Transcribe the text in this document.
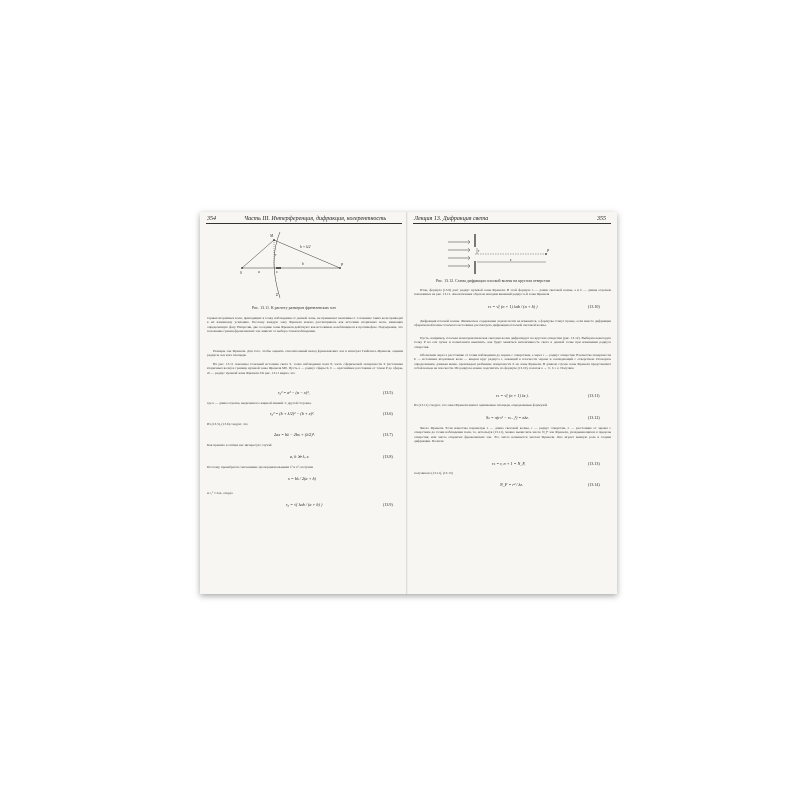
354	Часть III. Интерференция, дифракция, когерентность
M
b + λ/2
b	P
S	a	x
r
Σ
Рис. 13.11. К расчету размеров френелевских зон

тарных вторичных волн, приходящих в точку наблюдения от данной зоны, не превышает величины π. Сложение таких волн приводит к их взаимному усилению. Поэтому каждую зону Френеля можно рассматривать как источник вторичных волн, имеющих определенную фазу. Напротив, две соседние зоны Френеля действуют как источники, колеблющиеся в противофазе. Подчеркнем, что положение границ френелевских зон зависит от выбора точки наблюдения.

Размеры зон Френеля. Для того, чтобы оценить относительный вклад френелевских зон в интеграл Гюйгенса–Френеля, оценим радиусы зон и их площади.

На рис. 13.11 показаны точечный источник света S, точка наблюдения поля P, часть сферической поверхности Σ (источника вторичных волн) и граница нулевой зоны Френеля M0. Пусть a — радиус сферы Σ, b — кратчайшее расстояние от точки P до сферы, r0 — радиус нулевой зоны Френеля. Из рис. 13.11 видно, что

r₀² = a² − (a − x)²,	(13.5)

где x — длина отрезка, выделенного жирной линией. С другой стороны,

r₀² = (b + λ/2)² − (b + x)².	(13.6)

Из (13.5), (13.6) следует, что

2ax = bλ − 2bx + (λ/2)².	(13.7)

Как правило в оптике нас интересует случай

a, b ≫ λ, x.	(13.8)

Поэтому, пренебрегая слагаемыми, пропорциональными λ² и x², получим

x = bλ / 2(a + b)

и r₀² ≈ 2ax, откуда

r₀ = √( λab / (a + b) )	(13.9)
Лекция 13. Дифракция света	355
r	P
z
Рис. 13.12. Схема дифракции плоской волны на круглом отверстии

Итак, формула (13.9) дает радиус нулевой зоны Френеля. В этой формуле λ — длина световой волны, a и b — длины отрезков показанных на рис. 13.11. Аналогичным образом находим внешний радиус n-й зоны Френеля

rₙ = √( (n + 1) λab / (a + b) )	(13.10)

Дифракция плоской волны. Физическое содержание задачи почти не изменится, а формулы станут проще, если вместо дифракции сферической волны точечного источника рассмотреть дифракцию плоской световой волны.

Пусть, например, плоская монохроматическая световая волна дифрагирует на круглом отверстии (рис. 13.12). Выберем некоторую точку P на оси пучка и попытаемся выяснить, как будет меняться интенсивность света в данной точке при изменении радиуса отверстия.

Обозначим через z расстояние от точки наблюдения до экрана с отверстием, а через r — радиус отверстия. В качестве поверхности Σ — источника вторичных волн — введем круг радиуса r, лежащий в плоскости экрана и совпадающий с отверстием. Пользуясь определением, данным выше, произведем разбиение поверхности Σ на зоны Френеля. В данном случае зоны Френеля представляют собой кольца на плоскости. Их радиусы можно подсчитать по формуле (13.10), полагая a → ∞, b = z. Получим

rₙ = √( (n + 1) λz ).	(13.11)

Из (13.11) следует, что зоны Френеля имеют одинаковые площади, определяемые формулой

Sₙ = π(rₙ² − rₙ₋₁²) = πλz.	(13.12)

Число Френеля. Если известны параметры λ — длина световой волны, r — радиус отверстия, z — расстояние от экрана с отверстием до точки наблюдения поля, то, используя (13.11), можно вычислить число N_F зон Френеля, укладывающихся в пределы отверстия, или число открытых френелевских зон. Это число называется числом Френеля. Оно играет важную роль в теории дифракции. Полагая

rₙ = r, n + 1 = N_F,	(13.13)

получим из (13.11), (13.13)

N_F = r² / λz.	(13.14)
